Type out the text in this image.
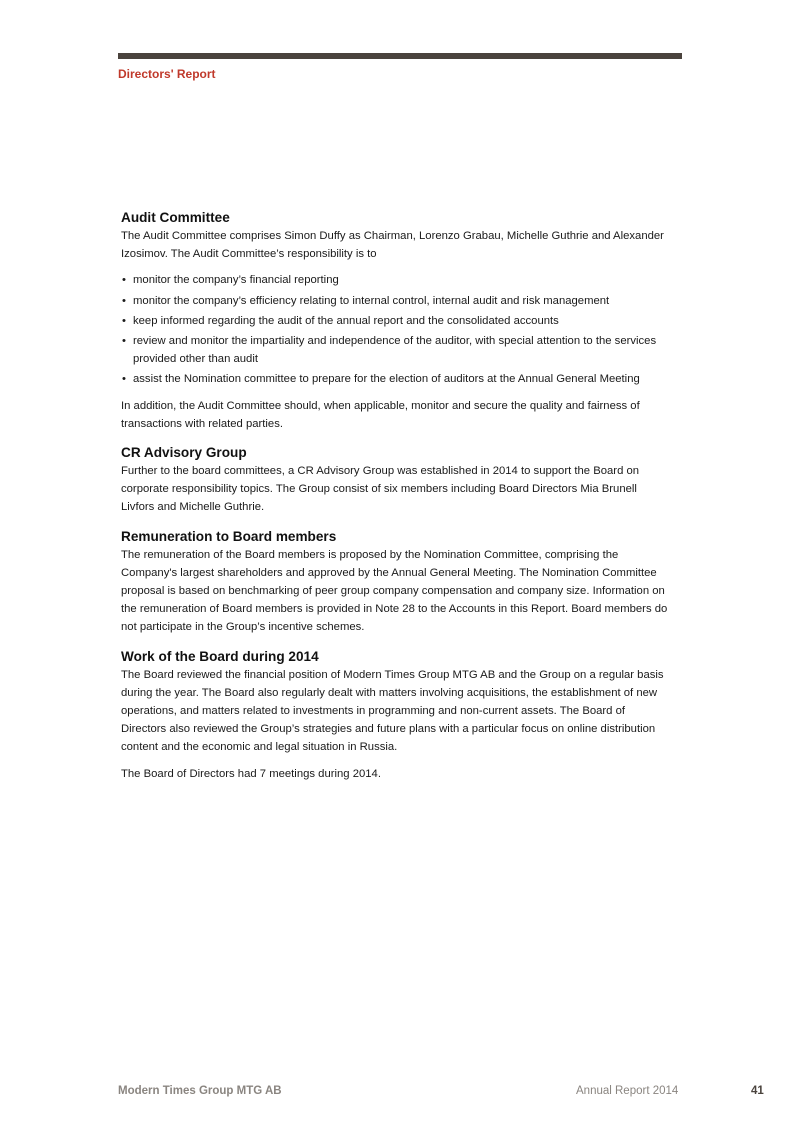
Directors' Report
Audit Committee

The Audit Committee comprises Simon Duffy as Chairman, Lorenzo Grabau, Michelle Guthrie and Alexander Izosimov. The Audit Committee’s responsibility is to

• monitor the company’s financial reporting
• monitor the company’s efficiency relating to internal control, internal audit and risk management
• keep informed regarding the audit of the annual report and the consolidated accounts
• review and monitor the impartiality and independence of the auditor, with special attention to the services provided other than audit
• assist the Nomination committee to prepare for the election of auditors at the Annual General Meeting

In addition, the Audit Committee should, when applicable, monitor and secure the quality and fairness of transactions with related parties.

CR Advisory Group

Further to the board committees, a CR Advisory Group was established in 2014 to support the Board on corporate responsibility topics. The Group consist of six members including Board Directors Mia Brunell Livfors and Michelle Guthrie.

Remuneration to Board members

The remuneration of the Board members is proposed by the Nomination Committee, comprising the Company's largest shareholders and approved by the Annual General Meeting. The Nomination Committee proposal is based on benchmarking of peer group company compensation and company size. Information on the remuneration of Board members is provided in Note 28 to the Accounts in this Report. Board members do not participate in the Group’s incentive schemes.

Work of the Board during 2014

The Board reviewed the financial position of Modern Times Group MTG AB and the Group on a regular basis during the year. The Board also regularly dealt with matters involving acquisitions, the establishment of new operations, and matters related to investments in programming and non-current assets. The Board of Directors also reviewed the Group’s strategies and future plans with a particular focus on online distribution content and the economic and legal situation in Russia.

The Board of Directors had 7 meetings during 2014.

Modern Times Group MTG AB	Annual Report 2014	41
